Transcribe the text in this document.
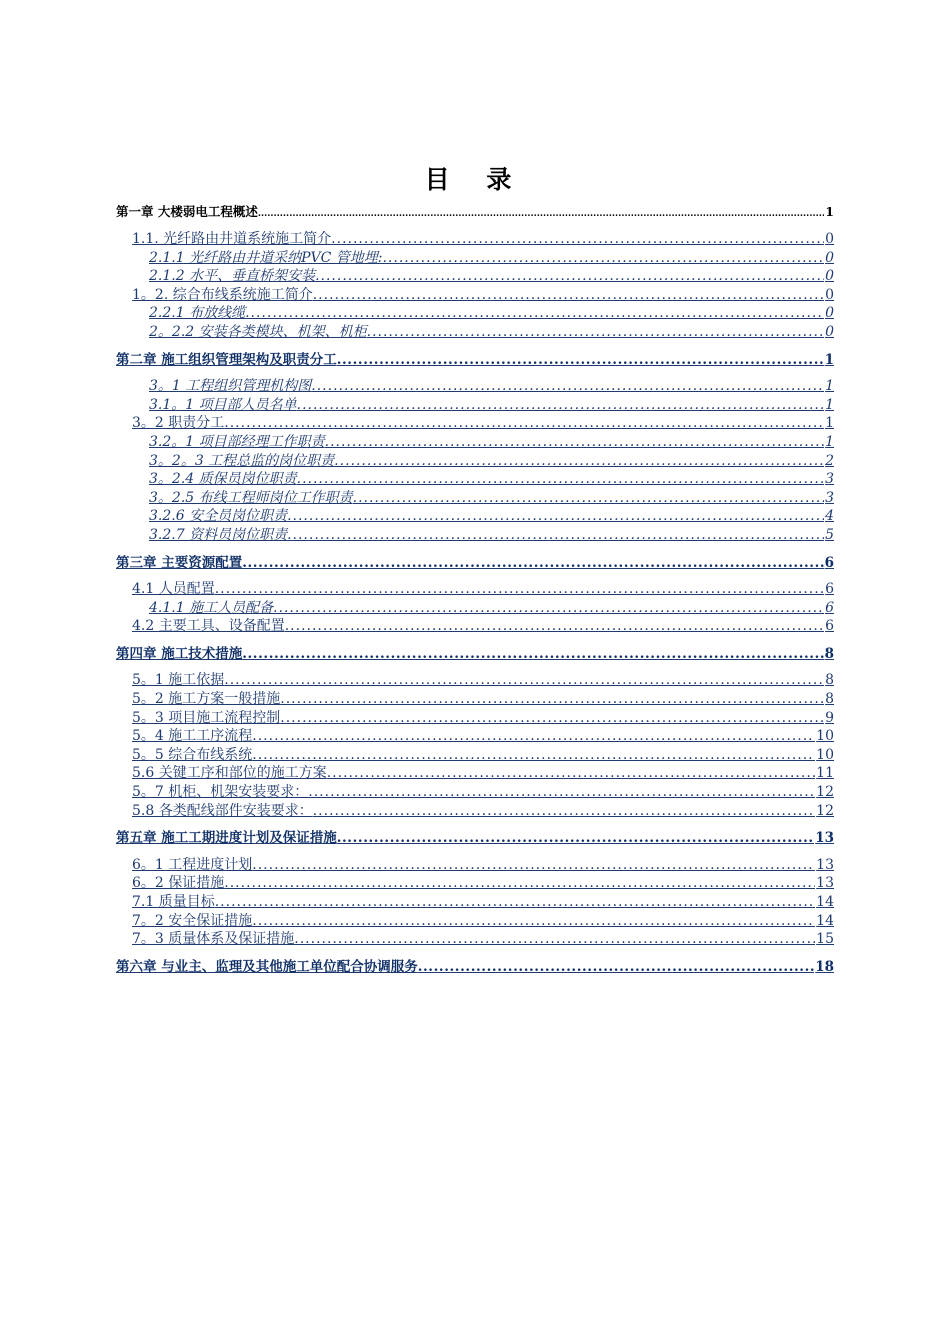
目 录
第一章 大楼弱电工程概述 .....	1
1.1. 光纤路由井道系统施工简介 .....	0
2.1.1 光纤路由井道采纳PVC 管地埋: .....	0
2.1.2 水平、垂直桥架安装 .....	0
1。2. 综合布线系统施工简介 .....	0
2.2.1 布放线缆 .....	0
2。2.2 安装各类模块、机架、机柜 .....	0
第二章 施工组织管理架构及职责分工 .....	1
3。1 工程组织管理机构图 .....	1
3.1。1 项目部人员名单 .....	1
3。2 职责分工 .....	1
3.2。1 项目部经理工作职责 .....	1
3。2。3 工程总监的岗位职责 .....	2
3。2.4 质保员岗位职责 .....	3
3。2.5 布线工程师岗位工作职责 .....	3
3.2.6 安全员岗位职责 .....	4
3.2.7 资料员岗位职责 .....	5
第三章 主要资源配置 .....	6
4.1 人员配置 .....	6
4.1.1 施工人员配备 .....	6
4.2 主要工具、设备配置 .....	6
第四章 施工技术措施 .....	8
5。1 施工依据 .....	8
5。2 施工方案一般措施 .....	8
5。3 项目施工流程控制 .....	9
5。4 施工工序流程 .....	10
5。5 综合布线系统 .....	10
5.6 关键工序和部位的施工方案 .....	11
5。7 机柜、机架安装要求： .....	12
5.8 各类配线部件安装要求： .....	12
第五章 施工工期进度计划及保证措施 .....	13
6。1 工程进度计划 .....	13
6。2 保证措施 .....	13
7.1 质量目标 .....	14
7。2 安全保证措施 .....	14
7。3 质量体系及保证措施 .....	15
第六章 与业主、监理及其他施工单位配合协调服务 .....	18
